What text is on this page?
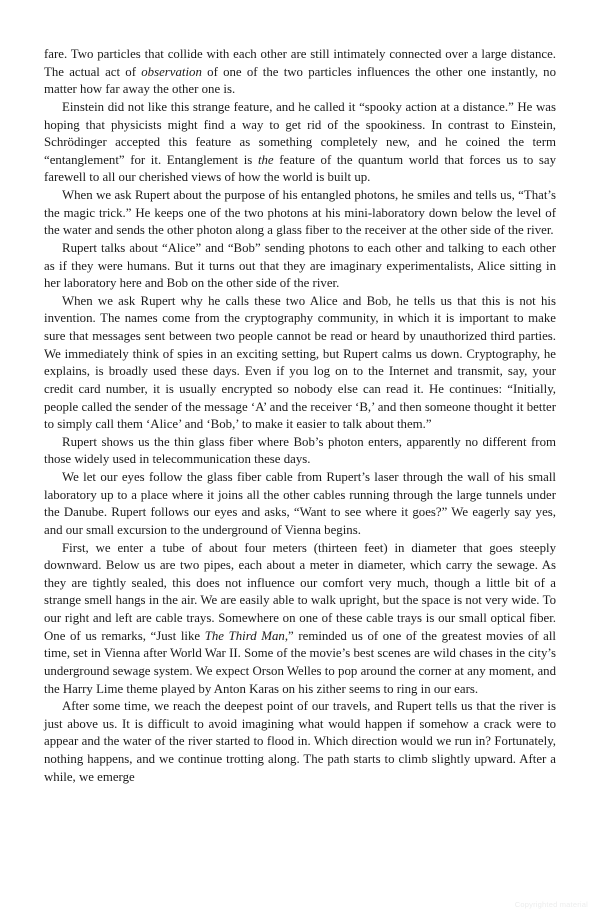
fare. Two particles that collide with each other are still intimately connected over a large distance. The actual act of observation of one of the two particles influences the other one instantly, no matter how far away the other one is.

Einstein did not like this strange feature, and he called it “spooky action at a distance.” He was hoping that physicists might find a way to get rid of the spookiness. In contrast to Einstein, Schrödinger accepted this feature as something completely new, and he coined the term “entanglement” for it. Entanglement is the feature of the quantum world that forces us to say farewell to all our cherished views of how the world is built up.

When we ask Rupert about the purpose of his entangled photons, he smiles and tells us, “That’s the magic trick.” He keeps one of the two photons at his mini-laboratory down below the level of the water and sends the other photon along a glass fiber to the receiver at the other side of the river.

Rupert talks about “Alice” and “Bob” sending photons to each other and talking to each other as if they were humans. But it turns out that they are imaginary experimentalists, Alice sitting in her laboratory here and Bob on the other side of the river.

When we ask Rupert why he calls these two Alice and Bob, he tells us that this is not his invention. The names come from the cryptography community, in which it is important to make sure that messages sent between two people cannot be read or heard by unauthorized third parties. We immediately think of spies in an exciting setting, but Rupert calms us down. Cryptography, he explains, is broadly used these days. Even if you log on to the Internet and transmit, say, your credit card number, it is usually encrypted so nobody else can read it. He continues: “Initially, people called the sender of the message ‘A’ and the receiver ‘B,’ and then someone thought it better to simply call them ‘Alice’ and ‘Bob,’ to make it easier to talk about them.”

Rupert shows us the thin glass fiber where Bob’s photon enters, apparently no different from those widely used in telecommunication these days.

We let our eyes follow the glass fiber cable from Rupert’s laser through the wall of his small laboratory up to a place where it joins all the other cables running through the large tunnels under the Danube. Rupert follows our eyes and asks, “Want to see where it goes?” We eagerly say yes, and our small excursion to the underground of Vienna begins.

First, we enter a tube of about four meters (thirteen feet) in diameter that goes steeply downward. Below us are two pipes, each about a meter in diameter, which carry the sewage. As they are tightly sealed, this does not influence our comfort very much, though a little bit of a strange smell hangs in the air. We are easily able to walk upright, but the space is not very wide. To our right and left are cable trays. Somewhere on one of these cable trays is our small optical fiber. One of us remarks, “Just like The Third Man,” reminded us of one of the greatest movies of all time, set in Vienna after World War II. Some of the movie’s best scenes are wild chases in the city’s underground sewage system. We expect Orson Welles to pop around the corner at any moment, and the Harry Lime theme played by Anton Karas on his zither seems to ring in our ears.

After some time, we reach the deepest point of our travels, and Rupert tells us that the river is just above us. It is difficult to avoid imagining what would happen if somehow a crack were to appear and the water of the river started to flood in. Which direction would we run in? Fortunately, nothing happens, and we continue trotting along. The path starts to climb slightly upward. After a while, we emerge

Copyrighted material
